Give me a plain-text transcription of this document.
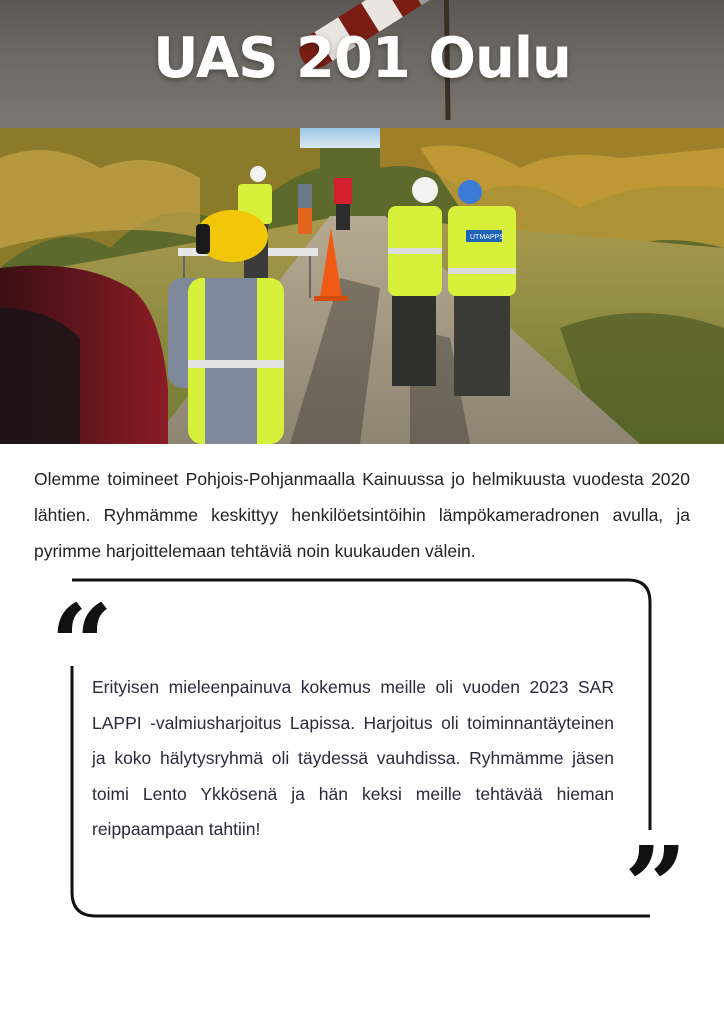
UAS 201 Oulu
UTMAPPS

Olemme toimineet Pohjois-Pohjanmaalla Kainuussa jo helmikuusta vuodesta 2020 lähtien. Ryhmämme keskittyy henkilöetsintöihin lämpökameradronen avulla, ja pyrimme harjoittelemaan tehtäviä noin kuukauden välein.

“

Erityisen mieleenpainuva kokemus meille oli vuoden 2023 SAR LAPPI -valmiusharjoitus Lapissa. Harjoitus oli toiminnantäyteinen ja koko hälytysryhmä oli täydessä vauhdissa. Ryhmämme jäsen toimi Lento Ykkösenä ja hän keksi meille tehtävää hieman reippaampaan tahtiin!	”
